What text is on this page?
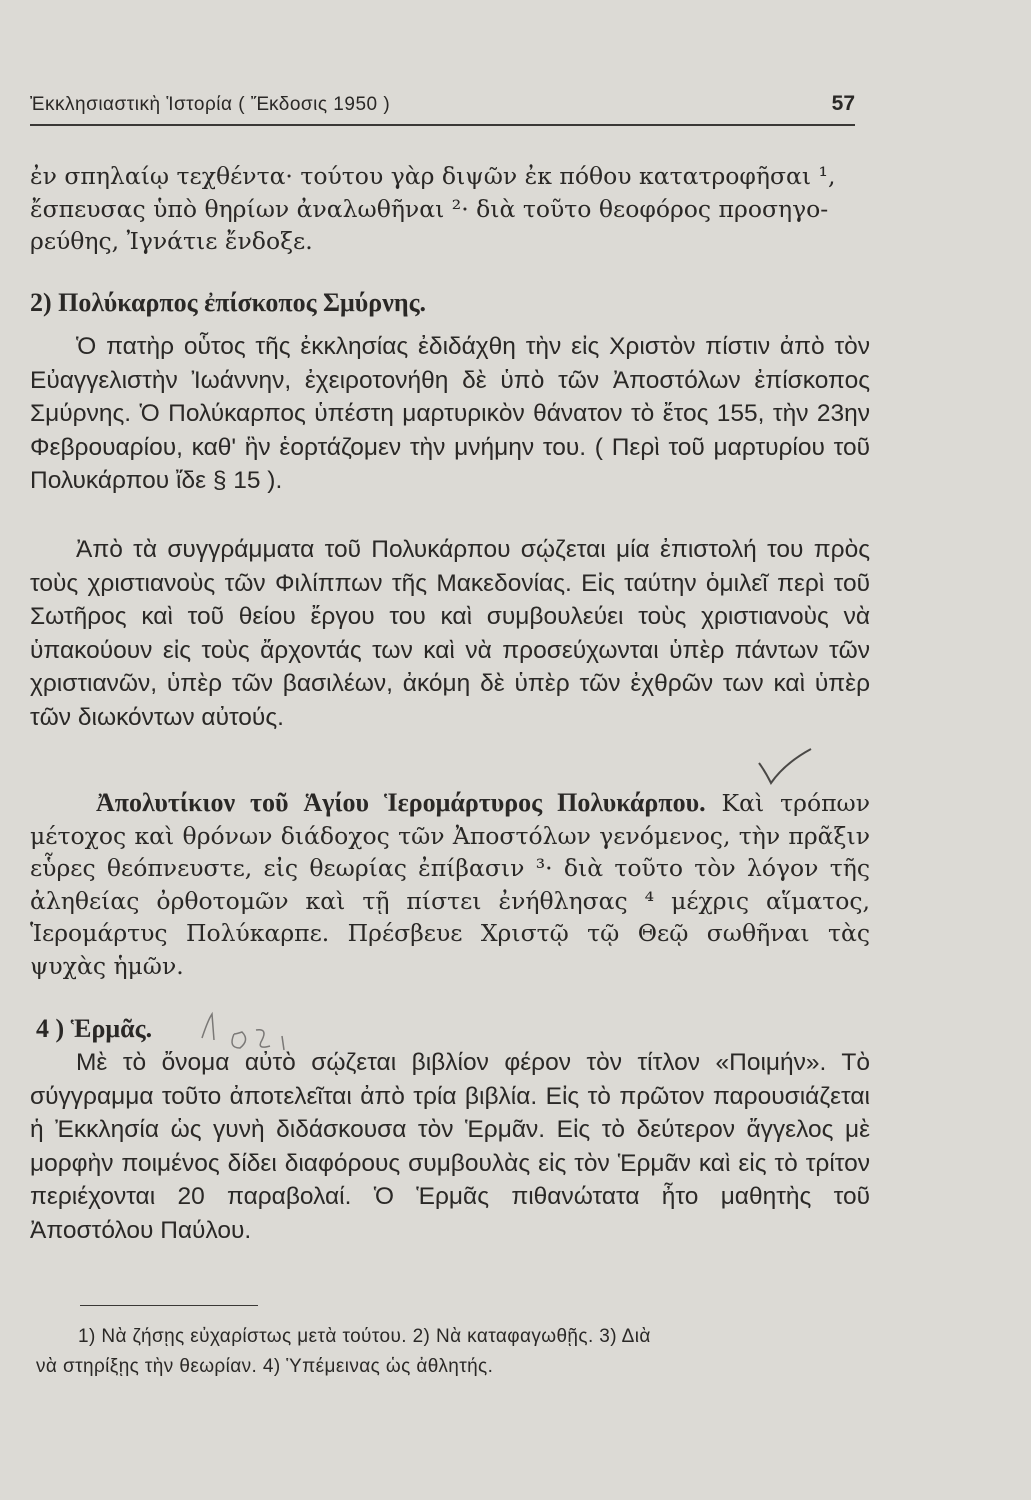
Ἐκκλησιαστικὴ Ἱστορία ( Ἔκδοσις 1950 )	57
ἐν σπηλαίῳ τεχθέντα· τούτου γὰρ διψῶν ἐκ πόθου κατατροφῆσαι ¹,
ἔσπευσας ὑπὸ θηρίων ἀναλωθῆναι ²· διὰ τοῦτο θεοφόρος προσηγο-
ρεύθης, Ἰγνάτιε ἔνδοξε.
2) Πολύκαρπος ἐπίσκοπος Σμύρνης.

Ὁ πατὴρ οὗτος τῆς ἐκκλησίας ἐδιδάχθη τὴν εἰς Χριστὸν πίστιν ἀπὸ τὸν Εὐαγγελιστὴν Ἰωάννην, ἐχειροτονήθη δὲ ὑπὸ τῶν Ἀποστόλων ἐπίσκοπος Σμύρνης. Ὁ Πολύκαρπος ὑπέστη μαρτυρικὸν θάνατον τὸ ἔτος 155, τὴν 23ην Φεβρουαρίου, καθ' ἣν ἑορτάζομεν τὴν μνήμην του. ( Περὶ τοῦ μαρτυρίου τοῦ Πολυκάρπου ἴδε § 15 ).

Ἀπὸ τὰ συγγράμματα τοῦ Πολυκάρπου σῴζεται μία ἐπιστολή του πρὸς τοὺς χριστιανοὺς τῶν Φιλίππων τῆς Μακεδονίας. Εἰς ταύτην ὁμιλεῖ περὶ τοῦ Σωτῆρος καὶ τοῦ θείου ἔργου του καὶ συμβουλεύει τοὺς χριστιανοὺς νὰ ὑπακούουν εἰς τοὺς ἄρχοντάς των καὶ νὰ προσεύχωνται ὑπὲρ πάντων τῶν χριστιανῶν, ὑπὲρ τῶν βασιλέων, ἀκόμη δὲ ὑπὲρ τῶν ἐχθρῶν των καὶ ὑπὲρ τῶν διωκόντων αὐτούς.

Ἀπολυτίκιον τοῦ Ἁγίου Ἱερομάρτυρος Πολυκάρπου. Καὶ τρόπων μέτοχος καὶ θρόνων διάδοχος τῶν Ἀποστόλων γενόμενος, τὴν πρᾶξιν εὗρες θεόπνευστε, εἰς θεωρίας ἐπίβασιν ³· διὰ τοῦτο τὸν λόγον τῆς ἀληθείας ὀρθοτομῶν καὶ τῇ πίστει ἐνήθλησας ⁴ μέχρις αἵματος, Ἱερομάρτυς Πολύκαρπε. Πρέσβευε Χριστῷ τῷ Θεῷ σωθῆναι τὰς ψυχὰς ἡμῶν.

4 ) Ἑρμᾶς.

Μὲ τὸ ὄνομα αὐτὸ σῴζεται βιβλίον φέρον τὸν τίτλον «Ποιμήν». Τὸ σύγγραμμα τοῦτο ἀποτελεῖται ἀπὸ τρία βιβλία. Εἰς τὸ πρῶτον παρουσιάζεται ἡ Ἐκκλησία ὡς γυνὴ διδάσκουσα τὸν Ἑρμᾶν. Εἰς τὸ δεύτερον ἄγγελος μὲ μορφὴν ποιμένος δίδει διαφόρους συμβουλὰς εἰς τὸν Ἑρμᾶν καὶ εἰς τὸ τρίτον περιέχονται 20 παραβολαί. Ὁ Ἑρμᾶς πιθανώτατα ἦτο μαθητὴς τοῦ Ἀποστόλου Παύλου.

1) Νὰ ζήσῃς εὐχαρίστως μετὰ τούτου. 2) Νὰ καταφαγωθῇς. 3) Διὰ

νὰ στηρίξῃς τὴν θεωρίαν. 4) Ὑπέμεινας ὡς ἀθλητής.
